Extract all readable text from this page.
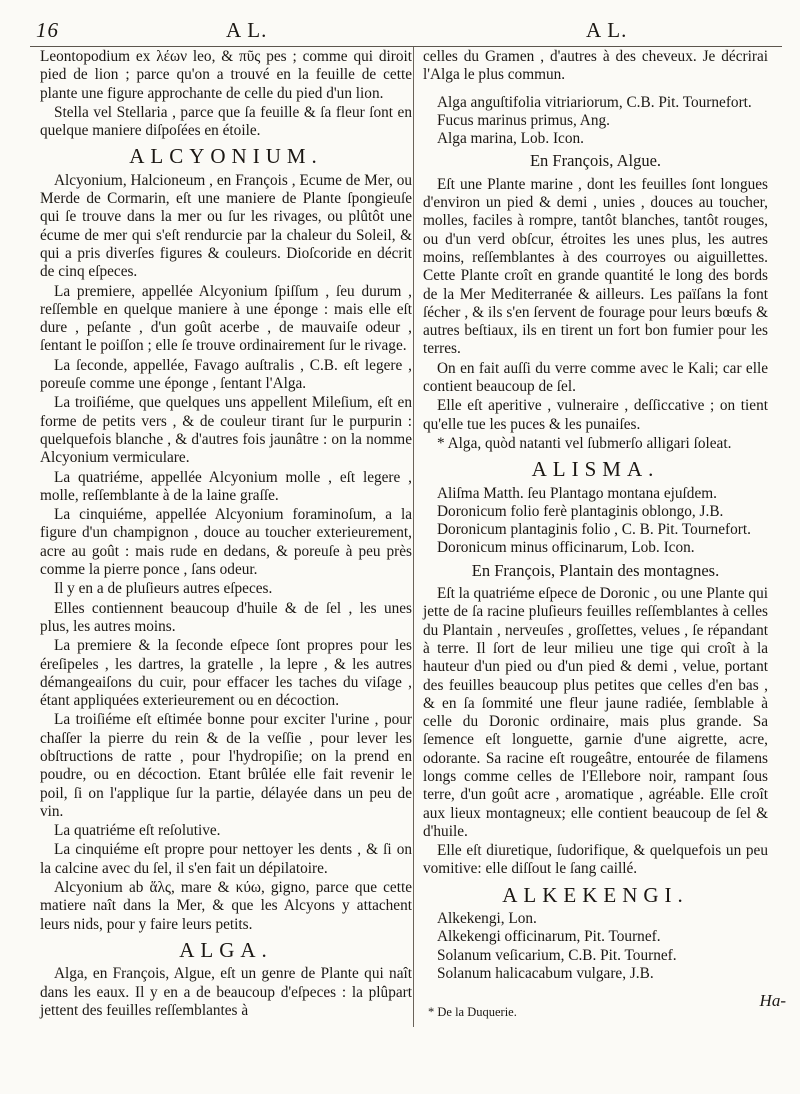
16	A L.	A L.

Leontopodium ex λέων leo, & πῦς pes ; comme qui diroit pied de lion ; parce qu'on a trouvé en la feuille de cette plante une figure approchante de celle du pied d'un lion.

Stella vel Stellaria , parce que ſa feuille & ſa fleur ſont en quelque maniere diſpoſées en étoile.

ALCYONIUM.

Alcyonium, Halcioneum , en François , Ecume de Mer, ou Merde de Cormarin, eſt une maniere de Plante ſpongieuſe qui ſe trouve dans la mer ou ſur les rivages, ou plûtôt une écume de mer qui s'eſt rendurcie par la chaleur du Soleil, & qui a pris diverſes figures & couleurs. Dioſcoride en décrit de cinq eſpeces.

La premiere, appellée Alcyonium ſpiſſum , ſeu durum , reſſemble en quelque maniere à une éponge : mais elle eſt dure , peſante , d'un goût acerbe , de mauvaiſe odeur , ſentant le poiſſon ; elle ſe trouve ordinairement ſur le rivage.

La ſeconde, appellée, Favago auſtralis , C.B. eſt legere , poreuſe comme une éponge , ſentant l'Alga.

La troiſiéme, que quelques uns appellent Mileſium, eſt en forme de petits vers , & de couleur tirant ſur le purpurin : quelquefois blanche , & d'autres fois jaunâtre : on la nomme Alcyonium vermiculare.

La quatriéme, appellée Alcyonium molle , eſt legere , molle, reſſemblante à de la laine graſſe.

La cinquiéme, appellée Alcyonium foraminoſum, a la figure d'un champignon , douce au toucher exterieurement, acre au goût : mais rude en dedans, & poreuſe à peu près comme la pierre ponce , ſans odeur.

Il y en a de pluſieurs autres eſpeces.

Elles contiennent beaucoup d'huile & de ſel , les unes plus, les autres moins.

La premiere & la ſeconde eſpece ſont propres pour les éreſipeles , les dartres, la gratelle , la lepre , & les autres démangeaiſons du cuir, pour effacer les taches du viſage , étant appliquées exterieurement ou en décoction.

La troiſiéme eſt eſtimée bonne pour exciter l'urine , pour chaſſer la pierre du rein & de la veſſie , pour lever les obſtructions de ratte , pour l'hydropiſie; on la prend en poudre, ou en décoction. Etant brûlée elle fait revenir le poil, ſi on l'applique ſur la partie, délayée dans un peu de vin.

La quatriéme eſt reſolutive.

La cinquiéme eſt propre pour nettoyer les dents , & ſi on la calcine avec du ſel, il s'en fait un dépilatoire.

Alcyonium ab ἅλς, mare & κύω, gigno, parce que cette matiere naît dans la Mer, & que les Alcyons y attachent leurs nids, pour y faire leurs petits.

ALGA.

Alga, en François, Algue, eſt un genre de Plante qui naît dans les eaux. Il y en a de beaucoup d'eſpeces : la plûpart jettent des feuilles reſſemblantes à

celles du Gramen , d'autres à des cheveux. Je décrirai l'Alga le plus commun.

Alga anguſtifolia vitriariorum, C.B. Pit. Tournefort.

Fucus marinus primus, Ang.

Alga marina, Lob. Icon.

En François, Algue.

Eſt une Plante marine , dont les feuilles ſont longues d'environ un pied & demi , unies , douces au toucher, molles, faciles à rompre, tantôt blanches, tantôt rouges, ou d'un verd obſcur, étroites les unes plus, les autres moins, reſſemblantes à des courroyes ou aiguillettes. Cette Plante croît en grande quantité le long des bords de la Mer Mediterranée & ailleurs. Les païſans la font ſécher , & ils s'en ſervent de fourage pour leurs bœufs & autres beſtiaux, ils en tirent un fort bon fumier pour les terres.

On en fait auſſi du verre comme avec le Kali; car elle contient beaucoup de ſel.

Elle eſt aperitive , vulneraire , deſſiccative ; on tient qu'elle tue les puces & les punaiſes.

* Alga, quòd natanti vel ſubmerſo alligari ſoleat.

ALISMA.

Aliſma Matth. ſeu Plantago montana ejuſdem.

Doronicum folio ferè plantaginis oblongo, J.B.

Doronicum plantaginis folio , C. B. Pit. Tournefort.

Doronicum minus officinarum, Lob. Icon.

En François, Plantain des montagnes.

Eſt la quatriéme eſpece de Doronic , ou une Plante qui jette de ſa racine pluſieurs feuilles reſſemblantes à celles du Plantain , nerveuſes , groſſettes, velues , ſe répandant à terre. Il ſort de leur milieu une tige qui croît à la hauteur d'un pied ou d'un pied & demi , velue, portant des feuilles beaucoup plus petites que celles d'en bas , & en ſa ſommité une fleur jaune radiée, ſemblable à celle du Doronic ordinaire, mais plus grande. Sa ſemence eſt longuette, garnie d'une aigrette, acre, odorante. Sa racine eſt rougeâtre, entourée de filamens longs comme celles de l'Ellebore noir, rampant ſous terre, d'un goût acre , aromatique , agréable. Elle croît aux lieux montagneux; elle contient beaucoup de ſel & d'huile.

Elle eſt diuretique, ſudorifique, & quelquefois un peu vomitive: elle diſſout le ſang caillé.

ALKEKENGI.

Alkekengi, Lon.

Alkekengi officinarum, Pit. Tournef.

Solanum veſicarium, C.B. Pit. Tournef.

Solanum halicacabum vulgare, J.B.

Ha-
* De la Duquerie.
